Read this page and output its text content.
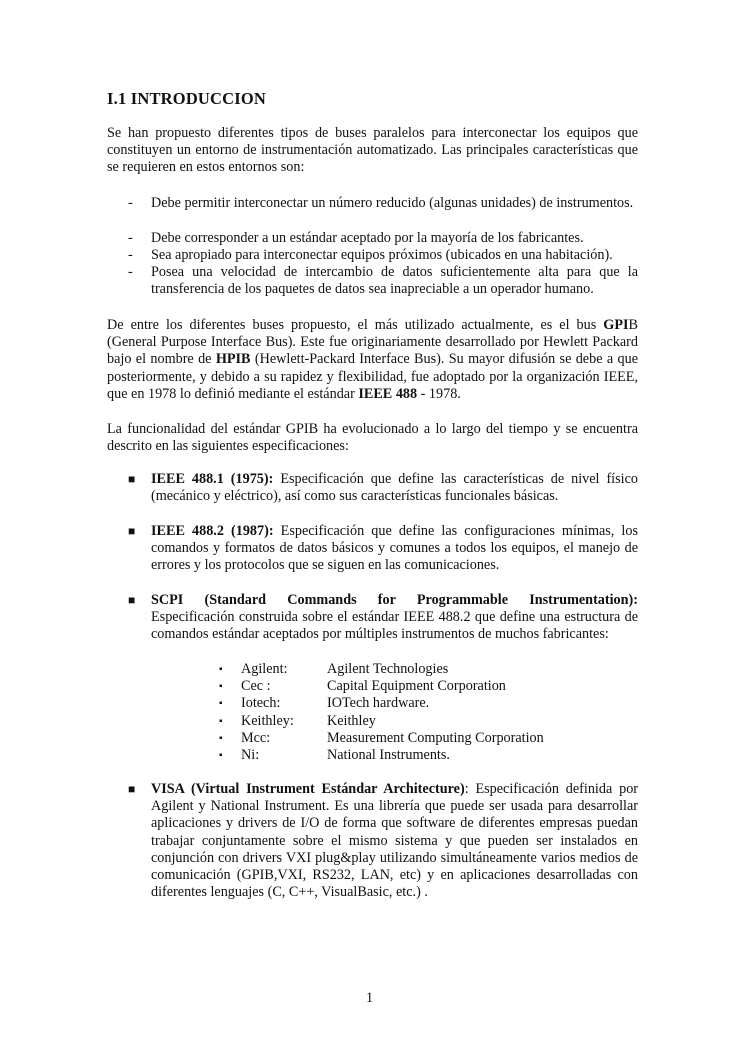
I.1 INTRODUCCION
Se han propuesto diferentes tipos de buses paralelos para interconectar los equipos que constituyen un entorno de instrumentación automatizado. Las principales características que se requieren en estos entornos son:
- Debe permitir interconectar un número reducido (algunas unidades) de instrumentos.
- Debe corresponder a un estándar aceptado por la mayoría de los fabricantes.
- Sea apropiado para interconectar equipos próximos (ubicados en una habitación).
- Posea una velocidad de intercambio de datos suficientemente alta para que la transferencia de los paquetes de datos sea inapreciable a un operador humano.
De entre los diferentes buses propuesto, el más utilizado actualmente, es el bus GPIB (General Purpose Interface Bus). Este fue originariamente desarrollado por Hewlett Packard bajo el nombre de HPIB (Hewlett-Packard Interface Bus). Su mayor difusión se debe a que posteriormente, y debido a su rapidez y flexibilidad, fue adoptado por la organización IEEE, que en 1978 lo definió mediante el estándar IEEE 488 - 1978.
La funcionalidad del estándar GPIB ha evolucionado a lo largo del tiempo y se encuentra descrito en las siguientes especificaciones:
■ IEEE 488.1 (1975): Especificación que define las características de nivel físico (mecánico y eléctrico), así como sus características funcionales básicas.
■ IEEE 488.2 (1987): Especificación que define las configuraciones mínimas, los comandos y formatos de datos básicos y comunes a todos los equipos, el manejo de errores y los protocolos que se siguen en las comunicaciones.
■ SCPI (Standard Commands for Programmable Instrumentation):
Especificación construida sobre el estándar IEEE 488.2 que define una estructura de comandos estándar aceptados por múltiples instrumentos de muchos fabricantes:
▪ Agilent:	Agilent Technologies
▪ Cec :	Capital Equipment Corporation
▪ Iotech:	IOTech hardware.
▪ Keithley: Keithley
▪ Mcc:	Measurement Computing Corporation
▪ Ni:	National Instruments.
■ VISA (Virtual Instrument Estándar Architecture): Especificación definida por Agilent y National Instrument. Es una librería que puede ser usada para desarrollar aplicaciones y drivers de I/O de forma que software de diferentes empresas puedan trabajar conjuntamente sobre el mismo sistema y que pueden ser instalados en conjunción con drivers VXI plug&play utilizando simultáneamente varios medios de comunicación (GPIB,VXI, RS232, LAN, etc) y en aplicaciones desarrolladas con diferentes lenguajes (C, C++, VisualBasic, etc.) .
1
